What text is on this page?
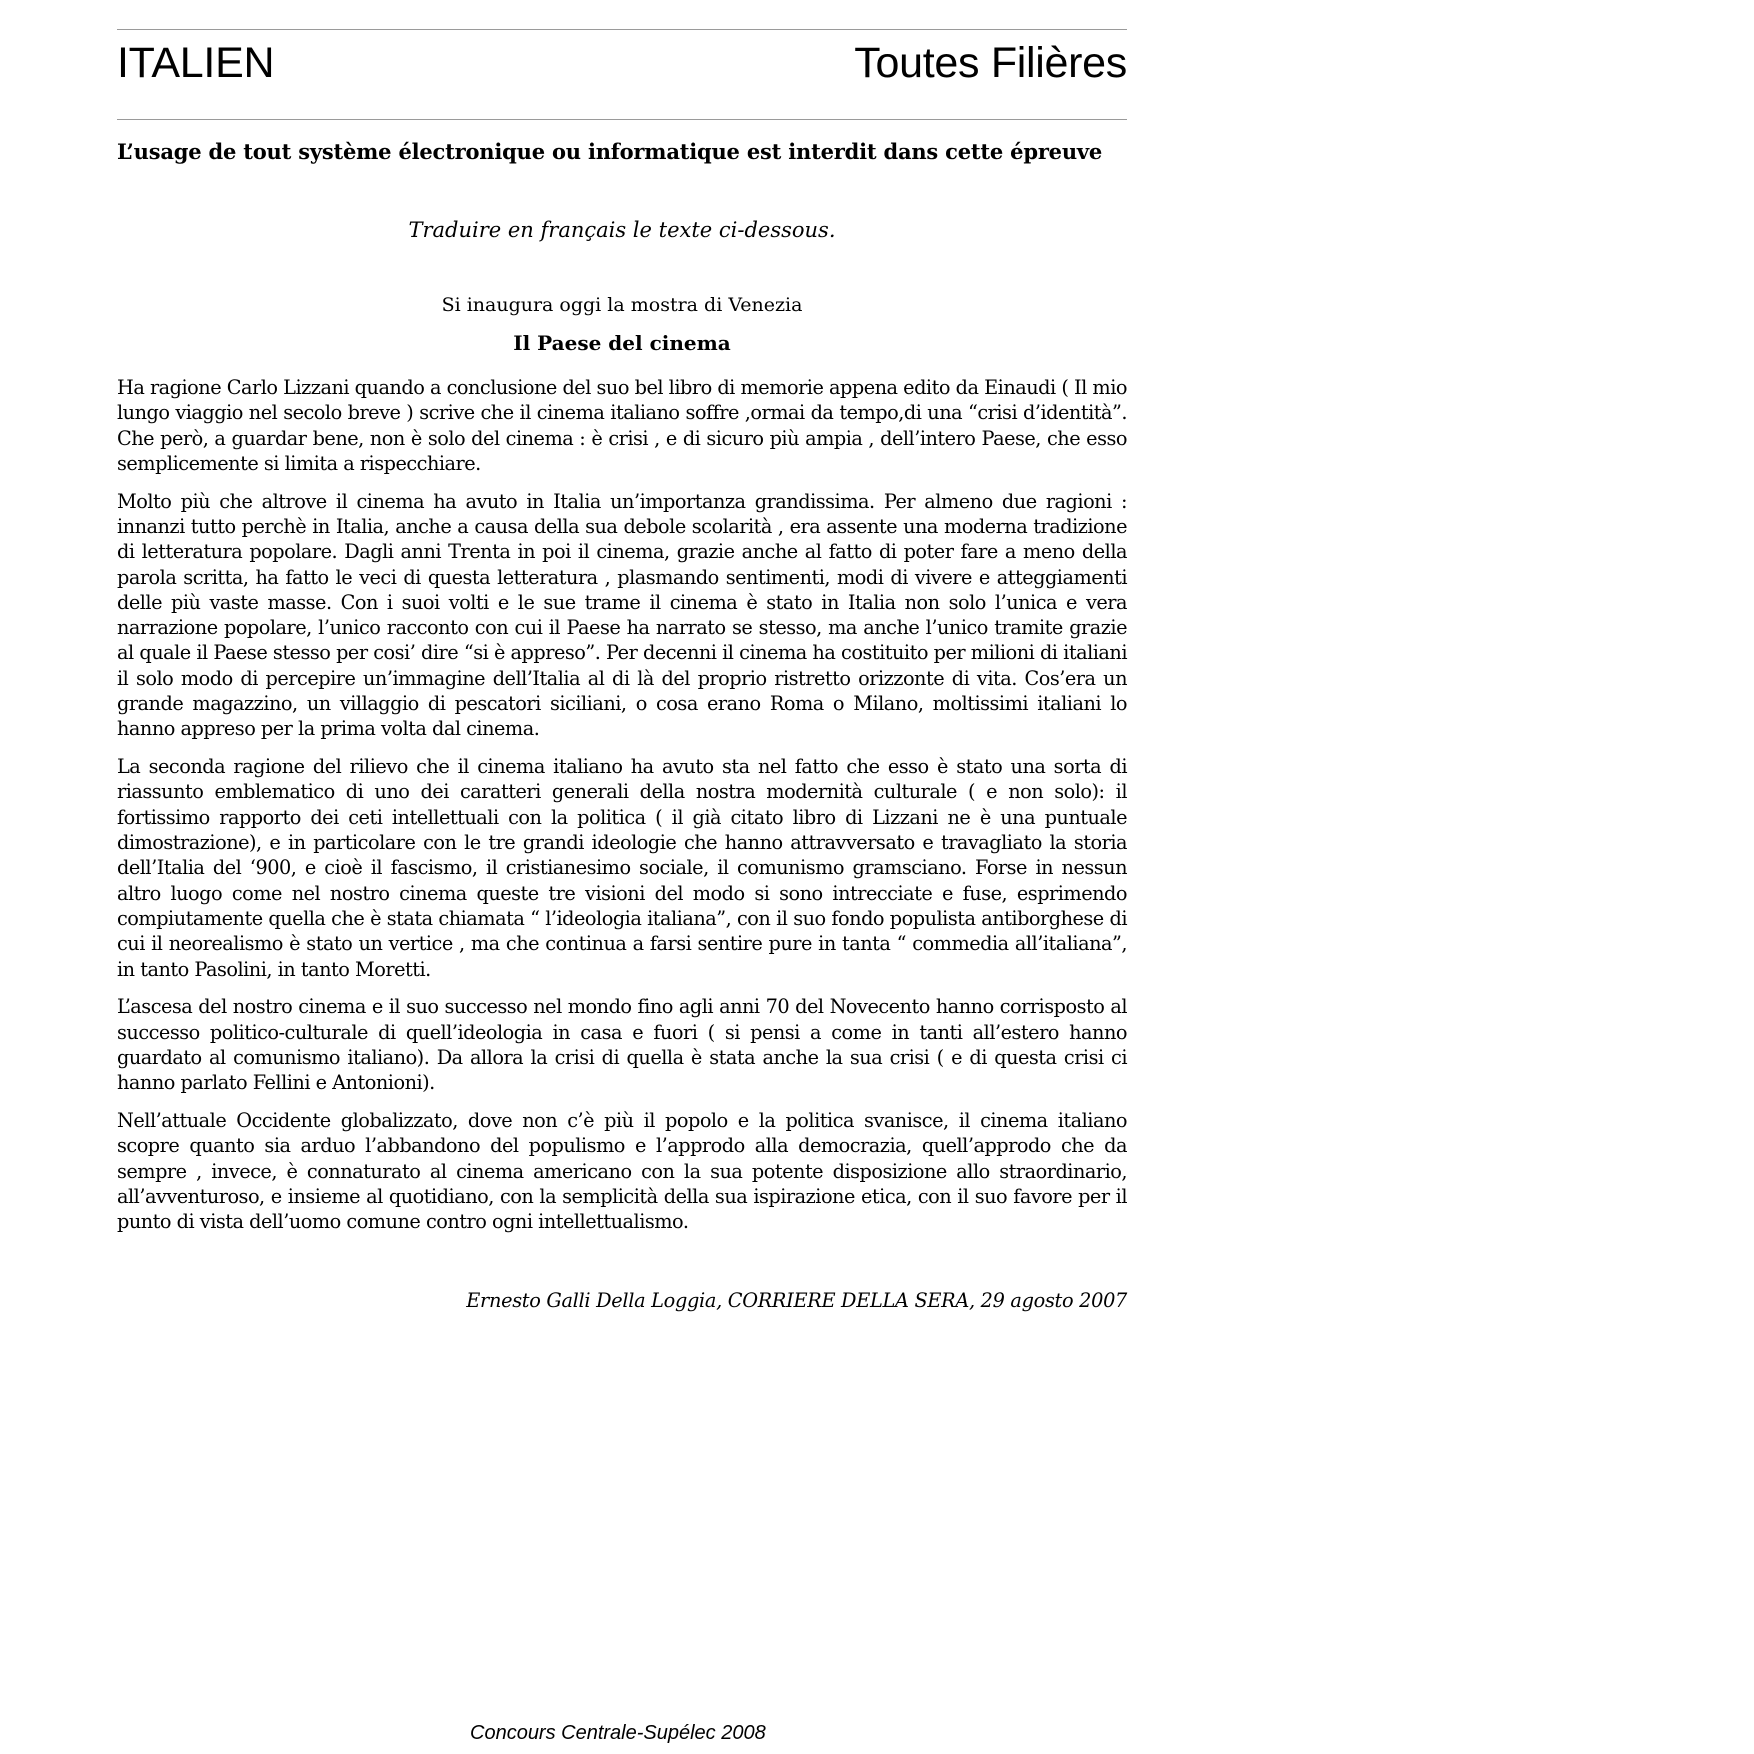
ITALIEN	Toutes Filières
L’usage de tout système électronique ou informatique est interdit dans cette épreuve
Traduire en français le texte ci-dessous.
Si inaugura oggi la mostra di Venezia
Il Paese del cinema

Ha ragione Carlo Lizzani quando a conclusione del suo bel libro di memorie appena edito da Einaudi ( Il mio lungo viaggio nel secolo breve ) scrive che il cinema italiano soffre ,ormai da tempo,di una “crisi d’identità”. Che però, a guardar bene, non è solo del cinema : è crisi , e di sicuro più ampia , dell’intero Paese, che esso semplicemente si limita a rispecchiare.

Molto più che altrove il cinema ha avuto in Italia un’importanza grandissima. Per almeno due ragioni : innanzi tutto perchè in Italia, anche a causa della sua debole scolarità , era assente una moderna tradizione di letteratura popolare. Dagli anni Trenta in poi il cinema, grazie anche al fatto di poter fare a meno della parola scritta, ha fatto le veci di questa letteratura , plasmando sentimenti, modi di vivere e atteggiamenti delle più vaste masse. Con i suoi volti e le sue trame il cinema è stato in Italia non solo l’unica e vera narrazione popolare, l’unico racconto con cui il Paese ha narrato se stesso, ma anche l’unico tramite grazie al quale il Paese stesso per cosi’ dire “si è appreso”. Per decenni il cinema ha costituito per milioni di italiani il solo modo di percepire un’immagine dell’Italia al di là del proprio ristretto orizzonte di vita. Cos’era un grande magazzino, un villaggio di pescatori siciliani, o cosa erano Roma o Milano, moltissimi italiani lo hanno appreso per la prima volta dal cinema.

La seconda ragione del rilievo che il cinema italiano ha avuto sta nel fatto che esso è stato una sorta di riassunto emblematico di uno dei caratteri generali della nostra modernità culturale ( e non solo): il fortissimo rapporto dei ceti intellettuali con la politica ( il già citato libro di Lizzani ne è una puntuale dimostrazione), e in particolare con le tre grandi ideologie che hanno attravversato e travagliato la storia dell’Italia del ‘900, e cioè il fascismo, il cristianesimo sociale, il comunismo gramsciano. Forse in nessun altro luogo come nel nostro cinema queste tre visioni del modo si sono intrecciate e fuse, esprimendo compiutamente quella che è stata chiamata “ l’ideologia italiana”, con il suo fondo populista antiborghese di cui il neorealismo è stato un vertice , ma che continua a farsi sentire pure in tanta “ commedia all’italiana”, in tanto Pasolini, in tanto Moretti.

L’ascesa del nostro cinema e il suo successo nel mondo fino agli anni 70 del Novecento hanno corrisposto al successo politico-culturale di quell’ideologia in casa e fuori ( si pensi a come in tanti all’estero hanno guardato al comunismo italiano). Da allora la crisi di quella è stata anche la sua crisi ( e di questa crisi ci hanno parlato Fellini e Antonioni).

Nell’attuale Occidente globalizzato, dove non c’è più il popolo e la politica svanisce, il cinema italiano scopre quanto sia arduo l’abbandono del populismo e l’approdo alla democrazia, quell’approdo che da sempre , invece, è connaturato al cinema americano con la sua potente disposizione allo straordinario, all’avventuroso, e insieme al quotidiano, con la semplicità della sua ispirazione etica, con il suo favore per il punto di vista dell’uomo comune contro ogni intellettualismo.

Ernesto Galli Della Loggia, CORRIERE DELLA SERA, 29 agosto 2007
Concours Centrale-Supélec 2008
